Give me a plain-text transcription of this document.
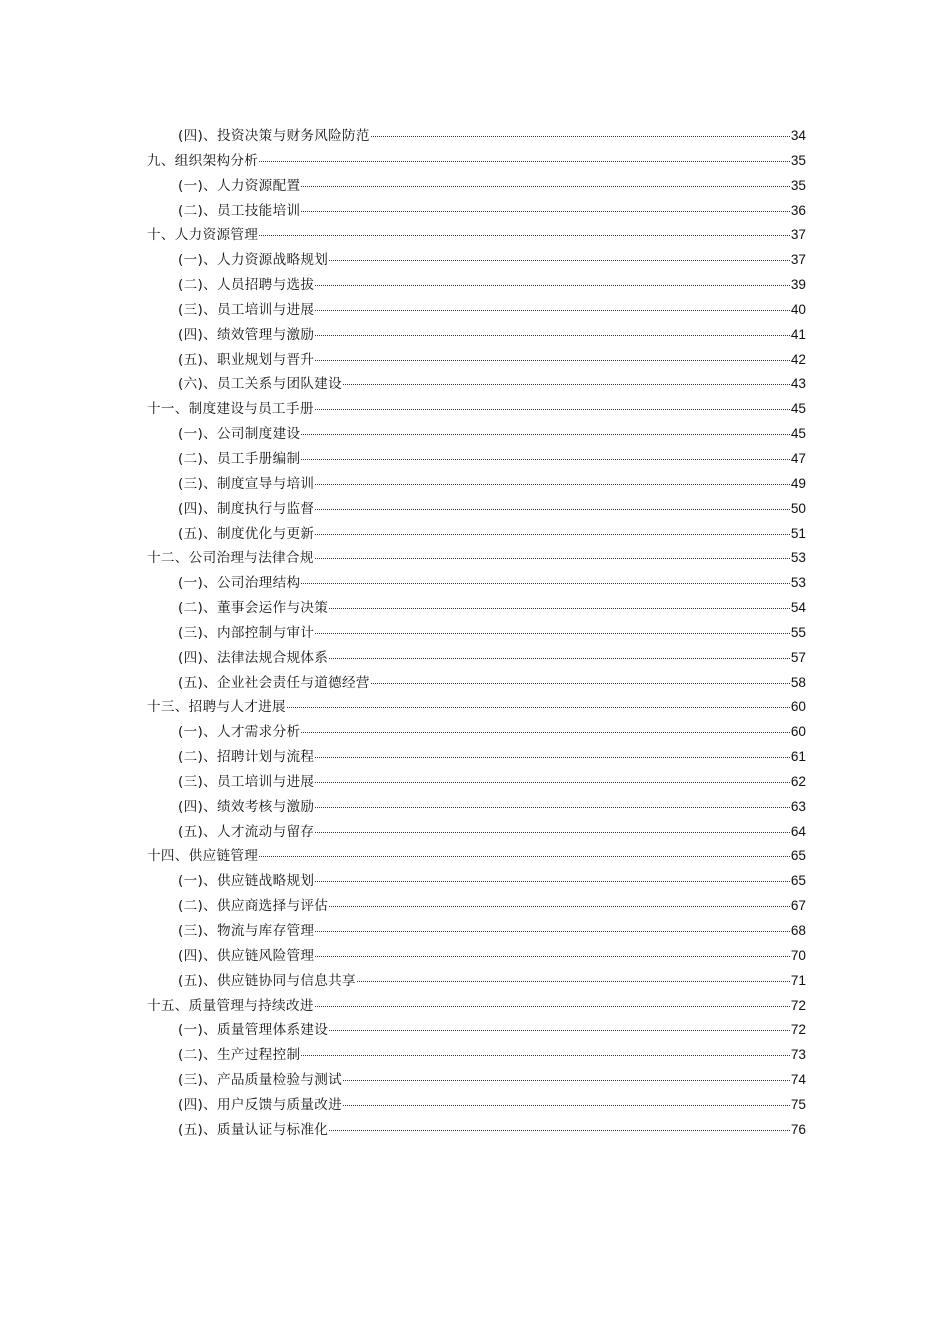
(四)、投资决策与财务风险防范	34
九、组织架构分析	35
(一)、人力资源配置	35
(二)、员工技能培训	36
十、人力资源管理	37
(一)、人力资源战略规划	37
(二)、人员招聘与选拔	39
(三)、员工培训与进展	40
(四)、绩效管理与激励	41
(五)、职业规划与晋升	42
(六)、员工关系与团队建设	43
十一、制度建设与员工手册	45
(一)、公司制度建设	45
(二)、员工手册编制	47
(三)、制度宣导与培训	49
(四)、制度执行与监督	50
(五)、制度优化与更新	51
十二、公司治理与法律合规	53
(一)、公司治理结构	53
(二)、董事会运作与决策	54
(三)、内部控制与审计	55
(四)、法律法规合规体系	57
(五)、企业社会责任与道德经营	58
十三、招聘与人才进展	60
(一)、人才需求分析	60
(二)、招聘计划与流程	61
(三)、员工培训与进展	62
(四)、绩效考核与激励	63
(五)、人才流动与留存	64
十四、供应链管理	65
(一)、供应链战略规划	65
(二)、供应商选择与评估	67
(三)、物流与库存管理	68
(四)、供应链风险管理	70
(五)、供应链协同与信息共享	71
十五、质量管理与持续改进	72
(一)、质量管理体系建设	72
(二)、生产过程控制	73
(三)、产品质量检验与测试	74
(四)、用户反馈与质量改进	75
(五)、质量认证与标准化	76
